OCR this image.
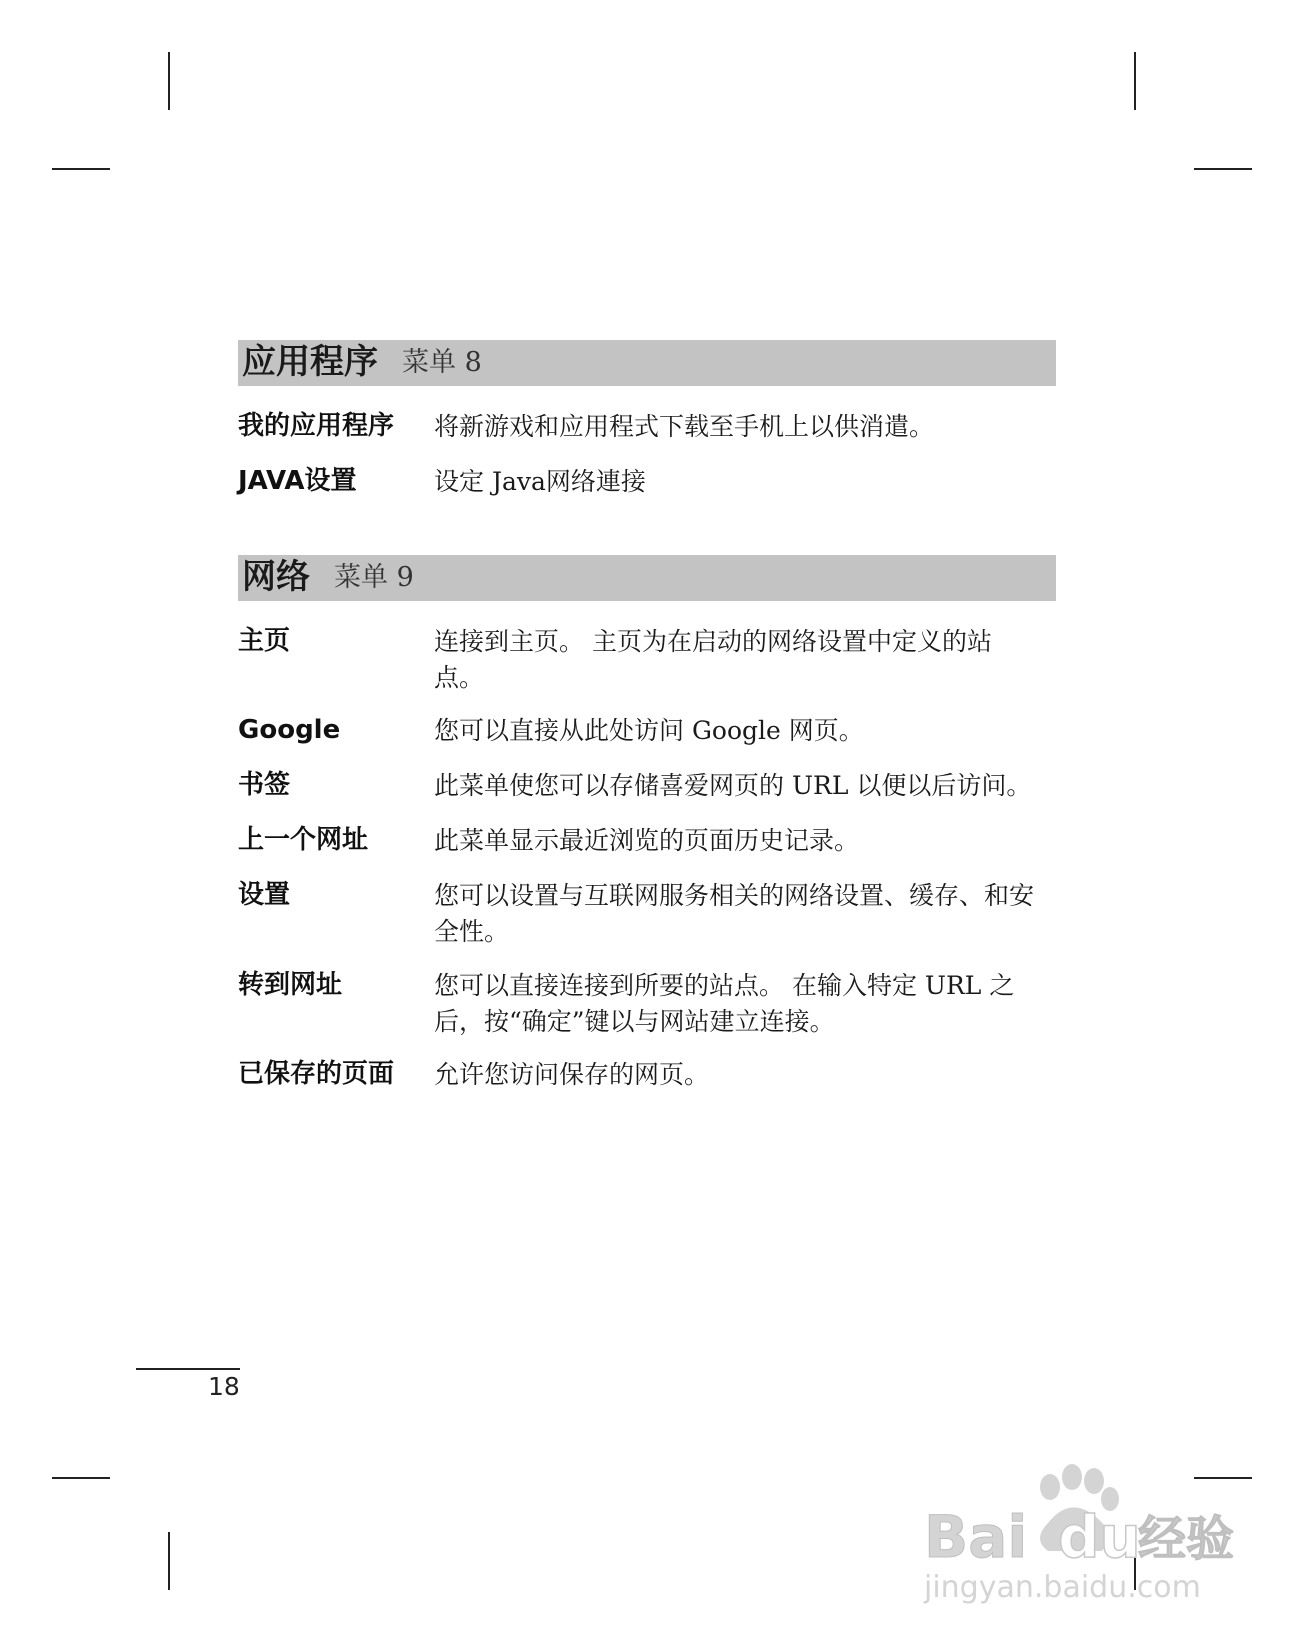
应用程序 菜单 8
我的应用程序	将新游戏和应用程式下载至手机上以供消遣。
JAVA设置	设定 Java网络連接
网络 菜单 9
主页	连接到主页。 主页为在启动的网络设置中定义的站点。
Google	您可以直接从此处访问 Google 网页。
书签	此菜单使您可以存储喜爱网页的 URL 以便以后访问。
上一个网址	此菜单显示最近浏览的页面历史记录。
设置	您可以设置与互联网服务相关的网络设置、缓存、和安全性。
转到网址	您可以直接连接到所要的站点。 在输入特定 URL 之后，按“确定”键以与网站建立连接。
已保存的页面	允许您访问保存的网页。
18
Bai du
经验
jingyan.baidu.com
